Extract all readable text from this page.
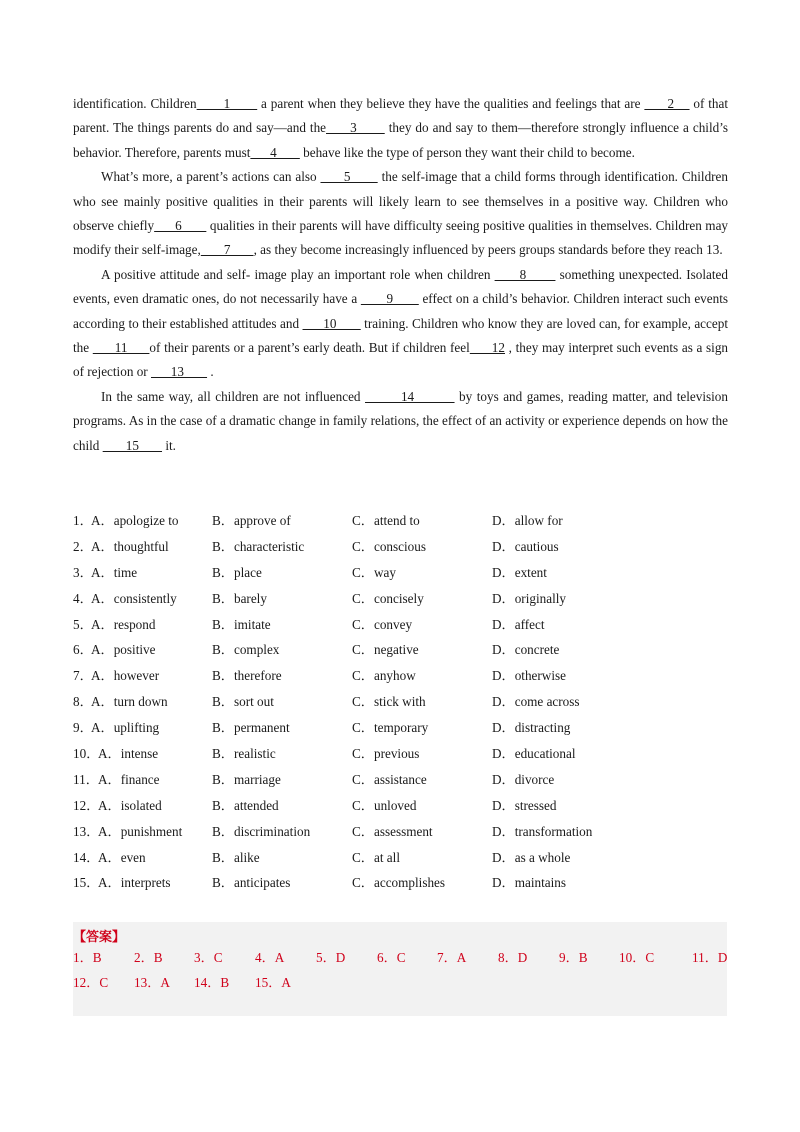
identification. Children       1        a parent when they believe they have the qualities and feelings that are       2     of that parent. The things parents do and say—and the      3        they do and say to them—therefore strongly influence a child’s behavior. Therefore, parents must      4        behave like the type of person they want their child to become.

What’s more, a parent’s actions can also       5        the self-image that a child forms through identification. Children who see mainly positive qualities in their parents will likely learn to see themselves in a positive way. Children who observe chiefly      6        qualities in their parents will have difficulty seeing positive qualities in themselves. Children may modify their self-image,       7       , as they become increasingly influenced by peers groups standards before they reach 13.

A positive attitude and self- image play an important role when children       8        something unexpected. Isolated events, even dramatic ones, do not necessarily have a        9        effect on a child’s behavior. Children interact such events according to their established attitudes and       10        training. Children who know they are loved can, for example, accept the       11      of their parents or a parent’s early death. But if children feel      12 , they may interpret such events as a sign of rejection or       13        .

In the same way, all children are not influenced         14          by toys and games, reading matter, and television programs. As in the case of a dramatic change in family relations, the effect of an activity or experience depends on how the child        15        it.

1．
A．apologize to	B．approve of	C．attend to	D．allow for
2．
A．thoughtful	B．characteristic	C．conscious	D．cautious
3．
A．time	B．place	C．way	D．extent
4．
A．consistently	B．barely	C．concisely	D．originally
5．
A．respond	B．imitate	C．convey	D．affect
6．
A．positive	B．complex	C．negative	D．concrete
7．
A．however	B．therefore	C．anyhow	D．otherwise
8．
A．turn down	B．sort out	C．stick with	D．come across
9．
A．uplifting	B．permanent	C．temporary	D．distracting
10．
A．intense	B．realistic	C．previous	D．educational
11． A．finance	B．marriage	C．assistance	D．divorce
12．
A．isolated	B．attended	C．unloved	D．stressed
13．
A．punishment B．discrimination	C．assessment	D．transformation
14．
A．even	B．alike	C．at all	D．as a whole
15．
A．interprets	B．anticipates	C．accomplishes	D．maintains
【答案】
1．B 2．B 3．C 4．A 5．D 6．C 7．A 8．D 9．B 10．C	11．D
12．C 13．A 14．B 15．A
